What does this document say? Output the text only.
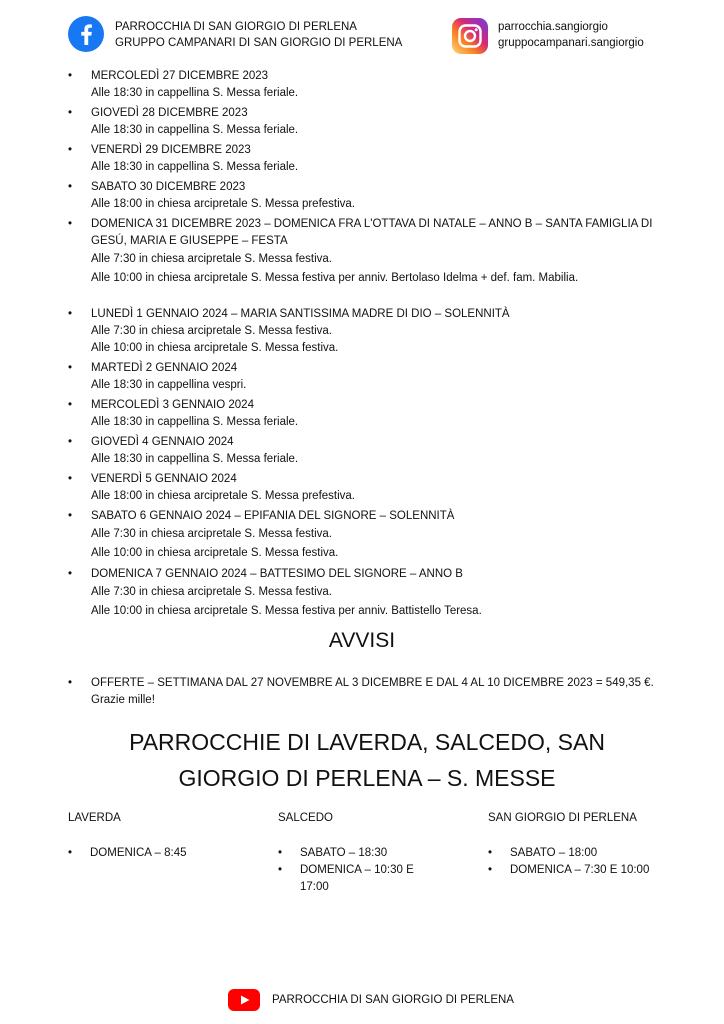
PARROCCHIA DI SAN GIORGIO DI PERLENA
GRUPPO CAMPANARI DI SAN GIORGIO DI PERLENA
parrocchia.sangiorgio
gruppocampanari.sangiorgio
• MERCOLEDÌ 27 DICEMBRE 2023
Alle 18:30 in cappellina S. Messa feriale.
• GIOVEDÌ 28 DICEMBRE 2023
Alle 18:30 in cappellina S. Messa feriale.
• VENERDÌ 29 DICEMBRE 2023
Alle 18:30 in cappellina S. Messa feriale.
• SABATO 30 DICEMBRE 2023
Alle 18:00 in chiesa arcipretale S. Messa prefestiva.
• DOMENICA 31 DICEMBRE 2023 – DOMENICA FRA L'OTTAVA DI NATALE – ANNO B – SANTA FAMIGLIA DI GESÚ, MARIA E GIUSEPPE – FESTA
Alle 7:30 in chiesa arcipretale S. Messa festiva.
Alle 10:00 in chiesa arcipretale S. Messa festiva per anniv. Bertolaso Idelma + def. fam. Mabilia.
• LUNEDÌ 1 GENNAIO 2024 – MARIA SANTISSIMA MADRE DI DIO – SOLENNITÀ
Alle 7:30 in chiesa arcipretale S. Messa festiva.
Alle 10:00 in chiesa arcipretale S. Messa festiva.
• MARTEDÌ 2 GENNAIO 2024
Alle 18:30 in cappellina vespri.
• MERCOLEDÌ 3 GENNAIO 2024
Alle 18:30 in cappellina S. Messa feriale.
• GIOVEDÌ 4 GENNAIO 2024
Alle 18:30 in cappellina S. Messa feriale.
• VENERDÌ 5 GENNAIO 2024
Alle 18:00 in chiesa arcipretale S. Messa prefestiva.
• SABATO 6 GENNAIO 2024 – EPIFANIA DEL SIGNORE – SOLENNITÀ
Alle 7:30 in chiesa arcipretale S. Messa festiva.
Alle 10:00 in chiesa arcipretale S. Messa festiva.
• DOMENICA 7 GENNAIO 2024 – BATTESIMO DEL SIGNORE – ANNO B
Alle 7:30 in chiesa arcipretale S. Messa festiva.
Alle 10:00 in chiesa arcipretale S. Messa festiva per anniv. Battistello Teresa.
AVVISI
• OFFERTE – SETTIMANA DAL 27 NOVEMBRE AL 3 DICEMBRE E DAL 4 AL 10 DICEMBRE 2023 = 549,35 €. Grazie mille!
PARROCCHIE DI LAVERDA, SALCEDO, SAN GIORGIO DI PERLENA – S. MESSE
LAVERDA
• DOMENICA – 8:45
SALCEDO
• SABATO – 18:30
• DOMENICA – 10:30 E 17:00
SAN GIORGIO DI PERLENA
• SABATO – 18:00
• DOMENICA – 7:30 E 10:00
PARROCCHIA DI SAN GIORGIO DI PERLENA
